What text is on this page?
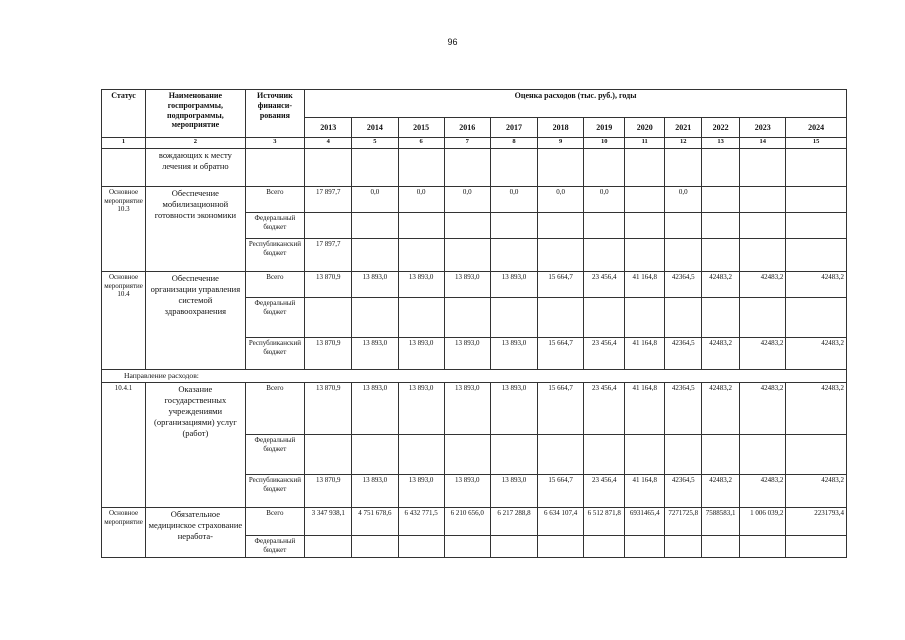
96
Статус	Наименование госпрограммы, подпрограммы, мероприятие	Источник финанси-рования	Оценка расходов (тыс. руб.), годы											
			2013	2014	2015	2016	2017	2018	2019	2020	2021	2022	2023	2024
1	2	3	4	5	6	7	8	9	10	11	12	13	14	15
	вождающих к месту лечения и обратно													
Основное мероприятие 10.3	Обеспечение мобилизационной готовности экономики	Всего	17 897,7	0,0	0,0	0,0	0,0	0,0	0,0		0,0			
		Федеральный бюджет												
		Республиканский бюджет	17 897,7											
Основное мероприятие 10.4	Обеспечение организации управления системой здравоохранения	Всего	13 870,9	13 893,0	13 893,0	13 893,0	13 893,0	15 664,7	23 456,4	41 164,8	42364,5	42483,2	42483,2	42483,2
		Федеральный бюджет												
		Республиканский бюджет	13 870,9	13 893,0	13 893,0	13 893,0	13 893,0	15 664,7	23 456,4	41 164,8	42364,5	42483,2	42483,2	42483,2
Направление расходов:														
10.4.1	Оказание государственных учреждениями (организациями) услуг (работ)	Всего	13 870,9	13 893,0	13 893,0	13 893,0	13 893,0	15 664,7	23 456,4	41 164,8	42364,5	42483,2	42483,2	42483,2
		Федеральный бюджет												
		Республиканский бюджет	13 870,9	13 893,0	13 893,0	13 893,0	13 893,0	15 664,7	23 456,4	41 164,8	42364,5	42483,2	42483,2	42483,2
Основное мероприятие	Обязательное медицинское страхование неработа-	Всего	3 347 938,1	4 751 678,6	6 432 771,5	6 210 656,0	6 217 288,8	6 634 107,4	6 512 871,8	6931465,4	7271725,8	7588583,1	1 006 039,2	2231793,4
		Федеральный бюджет												
